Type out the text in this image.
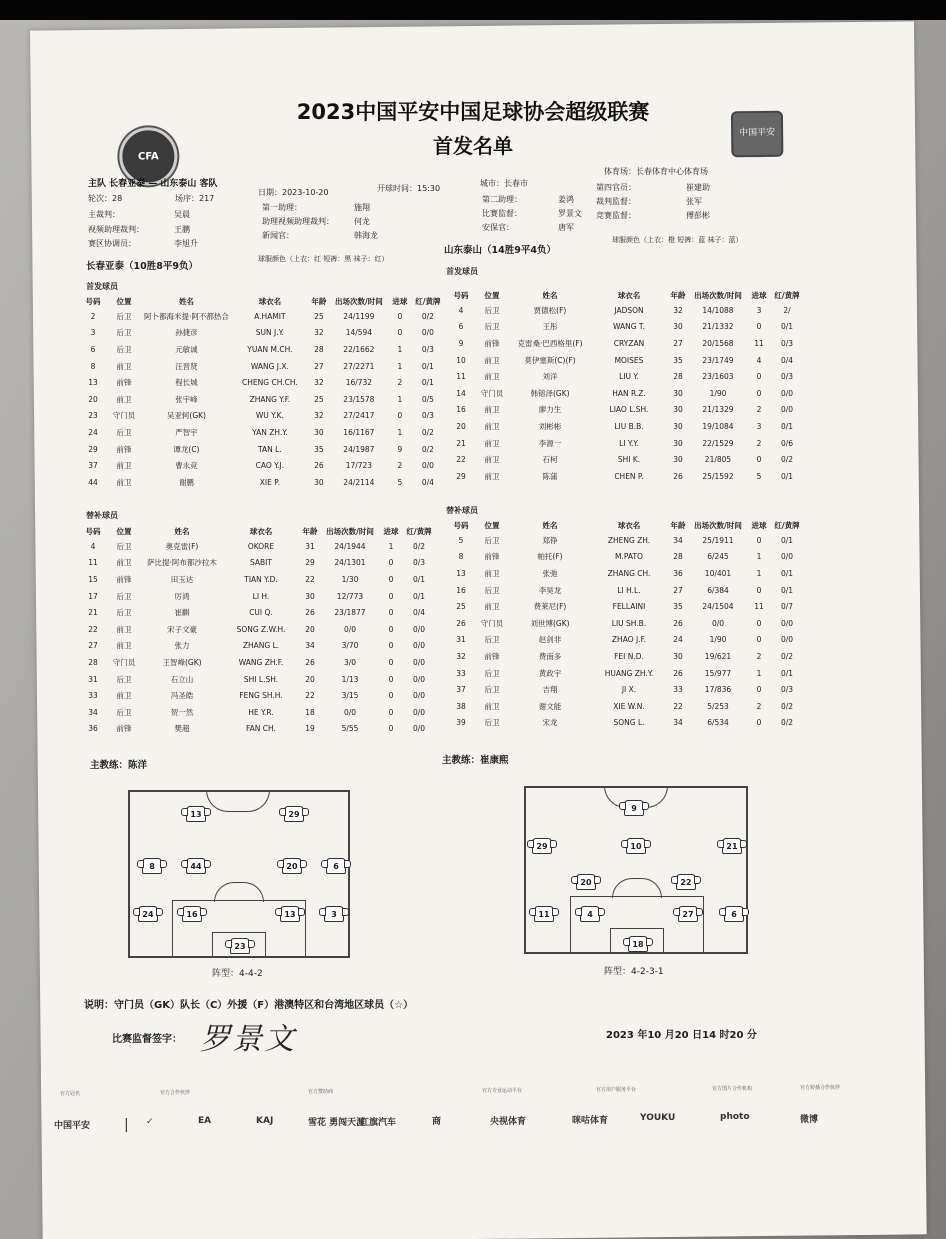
CFA
中国平安
2023中国平安中国足球协会超级联赛
首发名单
主队 长春亚泰 — 山东泰山 客队
轮次：28	场序：217
日期：2023-10-20	开球时间：15:30
城市：长春市
体育场：长春体育中心体育场
主裁判：	吴晨
视频助理裁判：	王鹏
赛区协调员：	李旭升
第一助理：	施翔
助理视频助理裁判：	何龙
新闻官：	韩海龙
第二助理：	姜鸿
比赛监督：	罗景文
安保官：	唐军
第四官员：	崔建助
裁判监督：	张军
竞赛监督：	傅彭彬
球服颜色（上衣：红 短裤：黑 袜子：红）
球服颜色（上衣：橙 短裤：蓝 袜子：蓝）
长春亚泰（10胜8平9负）
山东泰山（14胜9平4负）
首发球员
首发球员
号码	位置	姓名	球衣名	年龄	出场次数/时间	进球	红/黄牌
2	后卫	阿卜都海米提·阿不都热合	A.HAMIT	25	24/1199	0	0/2
3	后卫	孙捷彦	SUN J.Y.	32	14/594	0	0/0
6	后卫	元敏诚	YUAN M.CH.	28	22/1662	1	0/3
8	前卫	汪晋贤	WANG J.X.	27	27/2271	1	0/1
13	前锋	程长城	CHENG CH.CH.	32	16/732	2	0/1
20	前卫	张宇峰	ZHANG Y.F.	25	23/1578	1	0/5
23	守门员	吴亚轲(GK)	WU Y.K.	32	27/2417	0	0/3
24	后卫	严智宇	YAN ZH.Y.	30	16/1167	1	0/2
29	前锋	谭龙(C)	TAN L.	35	24/1987	9	0/2
37	前卫	曹永竞	CAO Y.J.	26	17/723	2	0/0
44	前卫	谢鹏	XIE P.	30	24/2114	5	0/4
号码	位置	姓名	球衣名	年龄	出场次数/时间	进球	红/黄牌
4	后卫	贾德松(F)	JADSON	32	14/1088	3	2/
6	后卫	王彤	WANG T.	30	21/1332	0	0/1
9	前锋	克雷桑·巴西格里(F)	CRYZAN	27	20/1568	11	0/3
10	前卫	莫伊塞斯(C)(F)	MOISES	35	23/1749	4	0/4
11	前卫	刘洋	LIU Y.	28	23/1603	0	0/3
14	守门员	韩镕泽(GK)	HAN R.Z.	30	1/90	0	0/0
16	前卫	廖力生	LIAO L.SH.	30	21/1329	2	0/0
20	前卫	刘彬彬	LIU B.B.	30	19/1084	3	0/1
21	前卫	李源一	LI Y.Y.	30	22/1529	2	0/6
22	前卫	石柯	SHI K.	30	21/805	0	0/2
29	前卫	陈蒲	CHEN P.	26	25/1592	5	0/1
替补球员
替补球员
号码	位置	姓名	球衣名	年龄	出场次数/时间	进球	红/黄牌
4	后卫	奥克雷(F)	OKORE	31	24/1944	1	0/2
11	前卫	萨比提·阿布都沙拉木	SABIT	29	24/1301	0	0/3
15	前锋	田玉达	TIAN Y.D.	22	1/30	0	0/1
17	后卫	厉鸿	LI H.	30	12/773	0	0/1
21	后卫	崔麒	CUI Q.	26	23/1877	0	0/4
22	前卫	宋子文豪	SONG Z.W.H.	20	0/0	0	0/0
27	前卫	张力	ZHANG L.	34	3/70	0	0/0
28	守门员	王智峰(GK)	WANG ZH.F.	26	3/0	0	0/0
31	后卫	石立山	SHI L.SH.	20	1/13	0	0/0
33	前卫	冯圣皓	FENG SH.H.	22	3/15	0	0/0
34	后卫	贺一然	HE Y.R.	18	0/0	0	0/0
36	前锋	樊超	FAN CH.	19	5/55	0	0/0
号码	位置	姓名	球衣名	年龄	出场次数/时间	进球	红/黄牌
5	后卫	郑铮	ZHENG ZH.	34	25/1911	0	0/1
8	前锋	帕托(F)	M.PATO	28	6/245	1	0/0
13	前卫	张弛	ZHANG CH.	36	10/401	1	0/1
16	后卫	李昊龙	LI H.L.	27	6/384	0	0/1
25	前卫	费莱尼(F)	FELLAINI	35	24/1504	11	0/7
26	守门员	刘世博(GK)	LIU SH.B.	26	0/0	0	0/0
31	后卫	赵剑非	ZHAO J.F.	24	1/90	0	0/0
32	前锋	费南多	FEI N.D.	30	19/621	2	0/2
33	后卫	黄政宇	HUANG ZH.Y.	26	15/977	1	0/1
37	后卫	吉翔	JI X.	33	17/836	0	0/3
38	前卫	谢文能	XIE W.N.	22	5/253	2	0/2
39	后卫	宋龙	SONG L.	34	6/534	0	0/2
主教练：陈洋	主教练：崔康熙
13	29
8	44	20	6
24	16	13	3
23
阵型：4-4-2
9
29	10	21
20	22
11	4	27	6
18
阵型：4-2-3-1
说明：守门员（GK）队长（C）外援（F）港澳特区和台湾地区球员（☆）
比赛监督签字： 罗景文	2023 年10 月20 日14 时20 分
官方冠名	官方合作伙伴	官方赞助商	官方专业运动平台	官方用户服务平台	官方图片合作机构	官方转播合作伙伴
中国平安 | ✓	EA	KAJ	雪花 勇闯天涯
红旗汽车	商	央视体育	咪咕体育	YOUKU	photo	微博
